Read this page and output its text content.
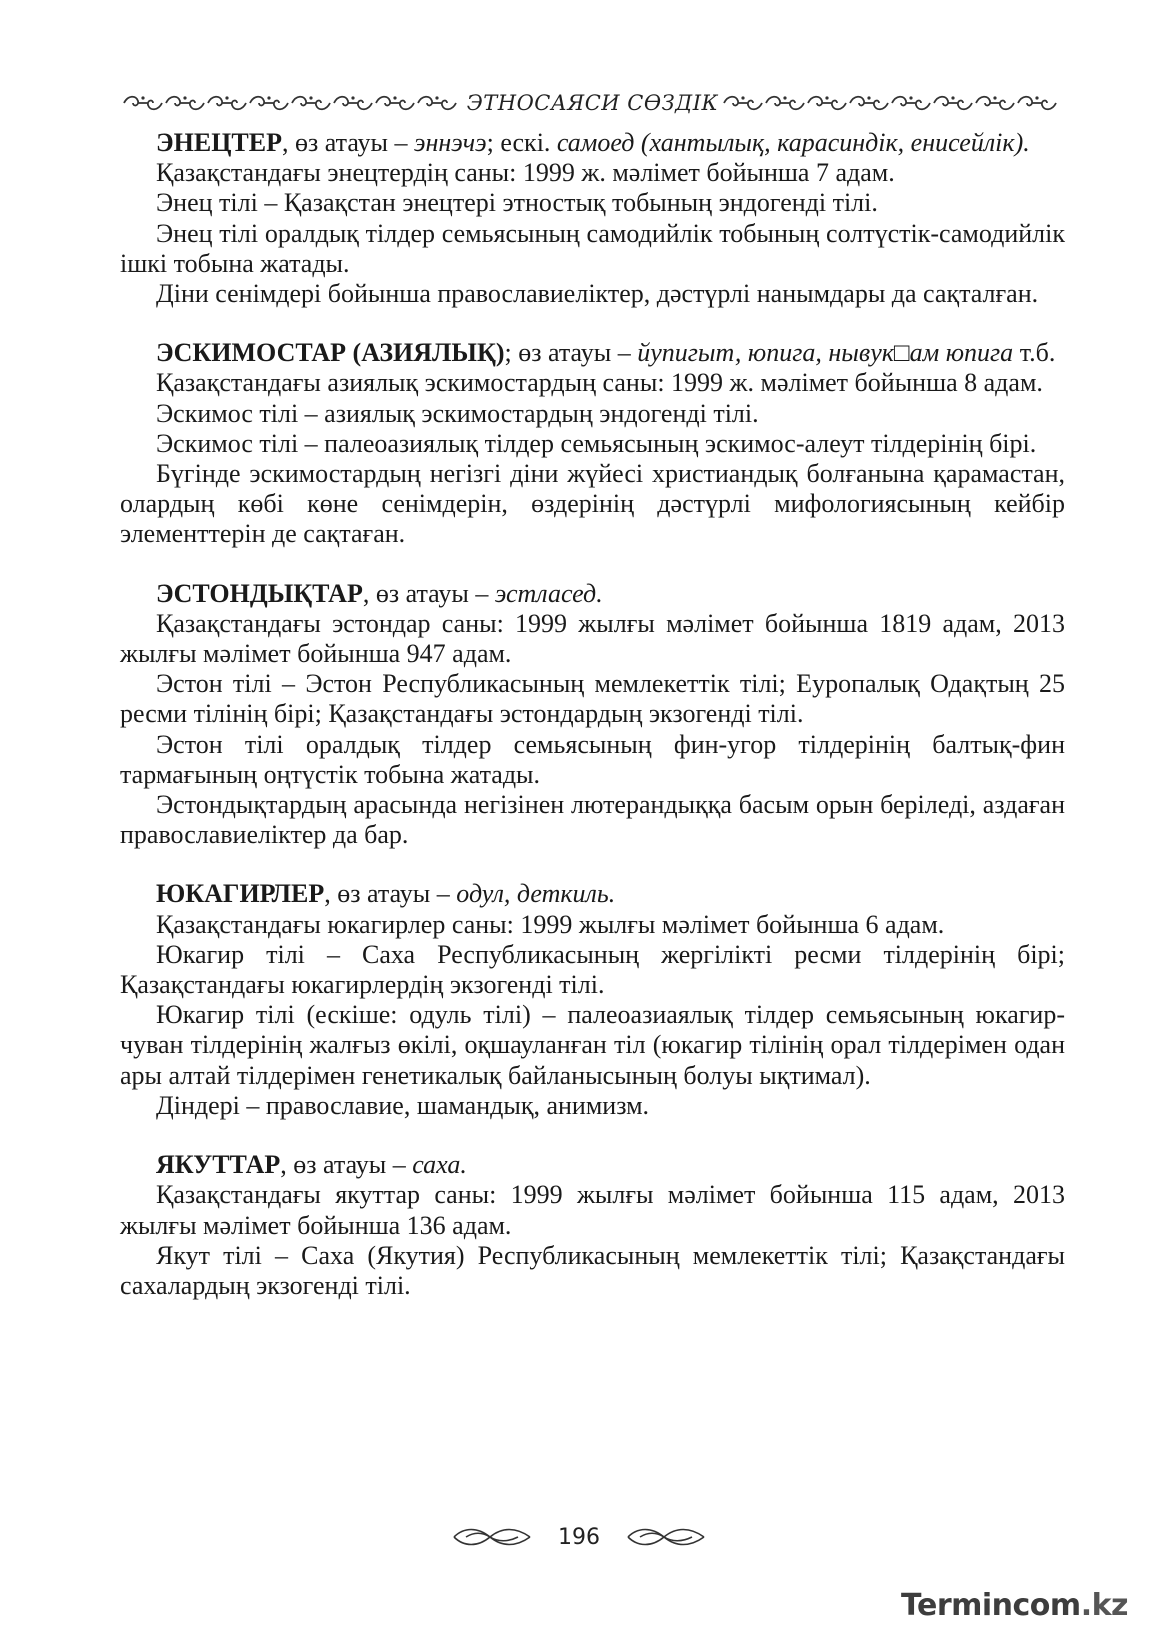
ЭТНОСАЯСИ СӨЗДІК

ЭНЕЦТЕР, өз атауы – эннэчэ; ескі. самоед (хантылық, карасиндік, енисейлік).

Қазақстандағы энецтердің саны: 1999 ж. мәлімет бойынша 7 адам.

Энец тілі – Қазақстан энецтері этностық тобының эндогенді тілі.

Энец тілі оралдық тілдер семьясының самодийлік тобының солтүстік-самодийлік ішкі тобына жатады.

Діни сенімдері бойынша православиеліктер, дәстүрлі нанымдары да сақталған.

ЭСКИМОСТАР (АЗИЯЛЫҚ); өз атауы – йупигыт, юпига, нывук□ам юпига т.б.

Қазақстандағы азиялық эскимостардың саны: 1999 ж. мәлімет бойынша 8 адам.

Эскимос тілі – азиялық эскимостардың эндогенді тілі.

Эскимос тілі – палеоазиялық тілдер семьясының эскимос-алеут тілдерінің бірі.

Бүгінде эскимостардың негізгі діни жүйесі христиандық болғанына қарамастан, олардың көбі көне сенімдерін, өздерінің дәстүрлі мифологиясының кейбір элементтерін де сақтаған.

ЭСТОНДЫҚТАР, өз атауы – эстласед.

Қазақстандағы эстондар саны: 1999 жылғы мәлімет бойынша 1819 адам, 2013 жылғы мәлімет бойынша 947 адам.

Эстон тілі – Эстон Республикасының мемлекеттік тілі; Еуропалық Одақтың 25 ресми тілінің бірі; Қазақстандағы эстондардың экзогенді тілі.

Эстон тілі оралдық тілдер семьясының фин-угор тілдерінің балтық-фин тармағының оңтүстік тобына жатады.

Эстондықтардың арасында негізінен лютерандыққа басым орын беріледі, аздаған православиеліктер да бар.

ЮКАГИРЛЕР, өз атауы – одул, деткиль.

Қазақстандағы юкагирлер саны: 1999 жылғы мәлімет бойынша 6 адам.

Юкагир тілі – Саха Республикасының жергілікті ресми тілдерінің бірі; Қазақстандағы юкагирлердің экзогенді тілі.

Юкагир тілі (ескіше: одуль тілі) – палеоазиаялық тілдер семьясының юкагир-чуван тілдерінің жалғыз өкілі, оқшауланған тіл (юкагир тілінің орал тілдерімен одан ары алтай тілдерімен генетикалық байланысының болуы ықтимал).

Діндері – православие, шамандық, анимизм.

ЯКУТТАР, өз атауы – саха.

Қазақстандағы якуттар саны: 1999 жылғы мәлімет бойынша 115 адам, 2013 жылғы мәлімет бойынша 136 адам.

Якут тілі – Саха (Якутия) Республикасының мемлекеттік тілі; Қазақстандағы сахалардың экзогенді тілі.

196
Termincom.kz
